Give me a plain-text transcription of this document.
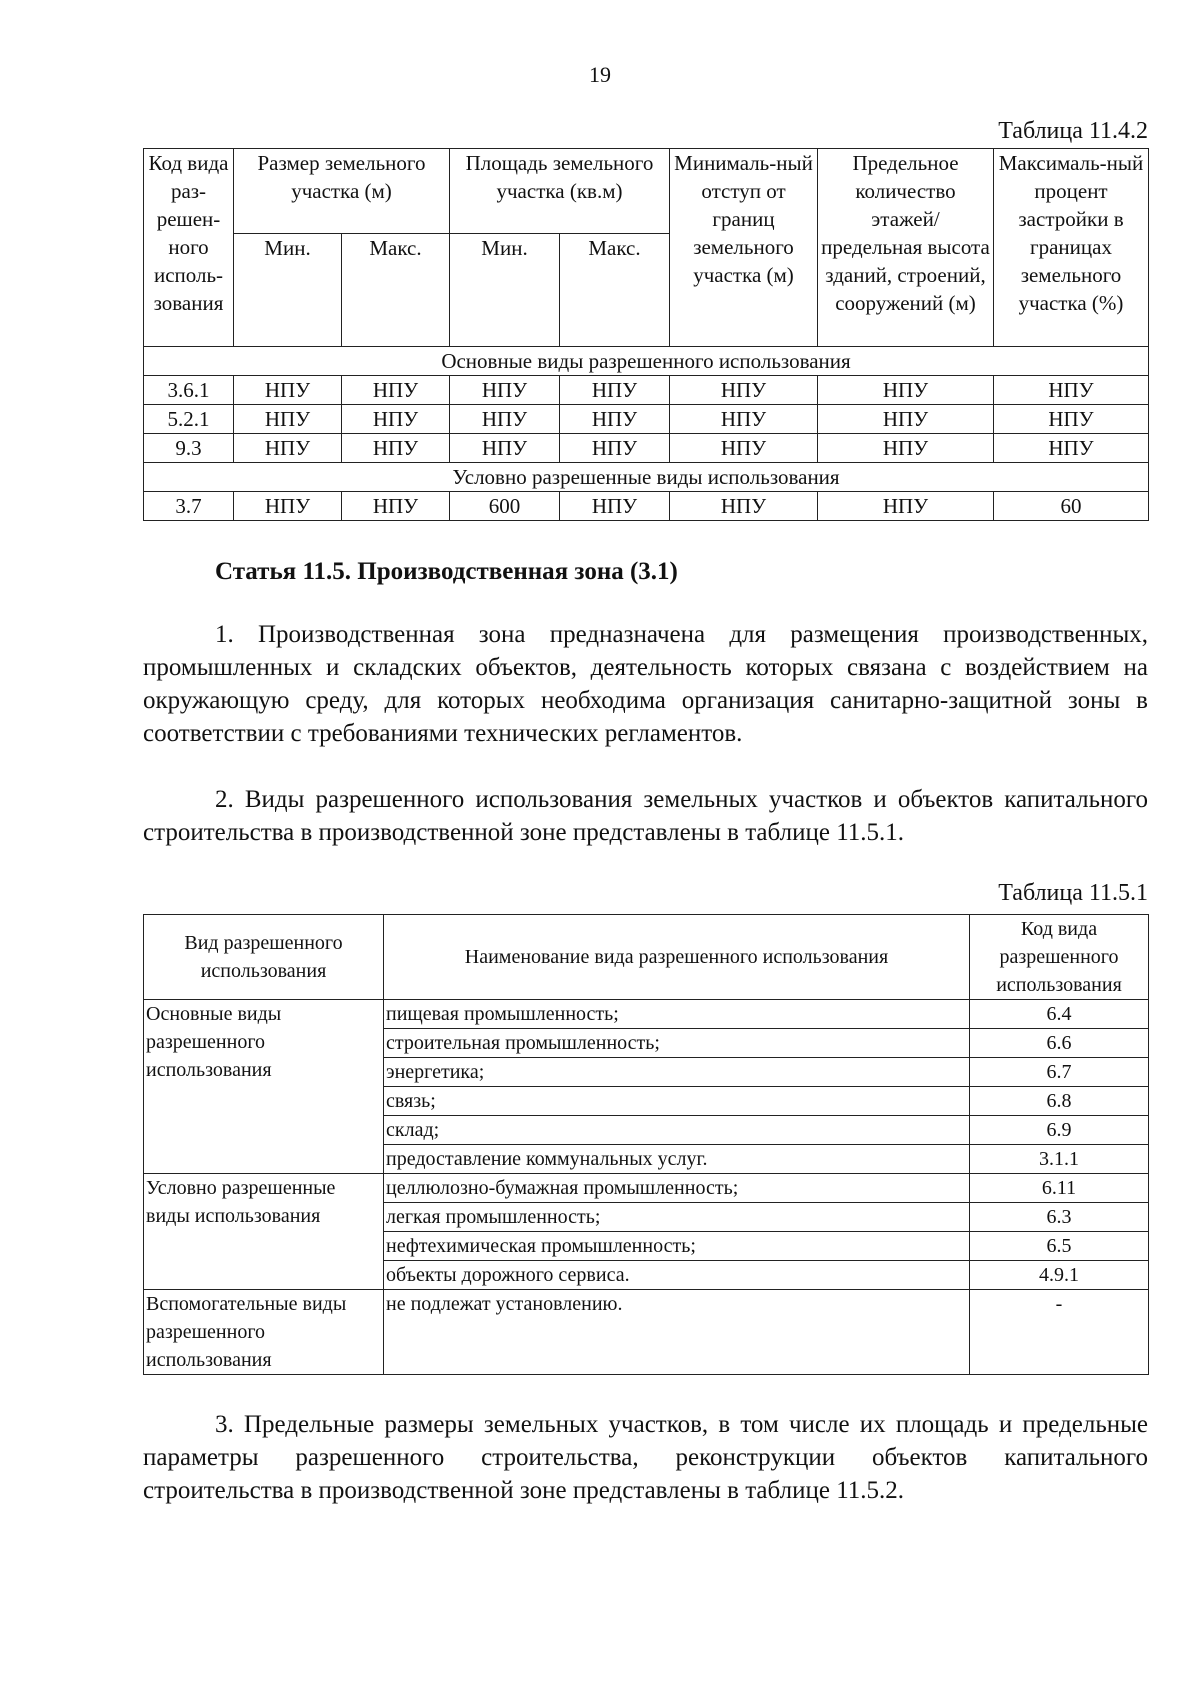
19
Таблица 11.4.2
Код вида раз-решен-ного исполь-зования	Размер земельного участка (м)		Площадь земельного участка (кв.м)		Минималь-ный отступ от границ земельного участка (м)	Предельное количество этажей/ предельная высота зданий, строений, сооружений (м)	Максималь-ный процент застройки в границах земельного участка (%)
	Мин.	Макс.	Мин.	Макс.			
Основные виды разрешенного использования							
3.6.1	НПУ	НПУ	НПУ	НПУ	НПУ	НПУ	НПУ
5.2.1	НПУ	НПУ	НПУ	НПУ	НПУ	НПУ	НПУ
9.3	НПУ	НПУ	НПУ	НПУ	НПУ	НПУ	НПУ
Условно разрешенные виды использования							
3.7	НПУ	НПУ	600	НПУ	НПУ	НПУ	60
Статья 11.5. Производственная зона (3.1)
1. Производственная зона предназначена для размещения производственных, промышленных и складских объектов, деятельность которых связана с воздействием на окружающую среду, для которых необходима организация санитарно-защитной зоны в соответствии с требованиями технических регламентов.
2. Виды разрешенного использования земельных участков и объектов капитального строительства в производственной зоне представлены в таблице 11.5.1.
Таблица 11.5.1
Вид разрешенного использования	Наименование вида разрешенного использования	Код вида разрешенного использования
Основные виды разрешенного использования	пищевая промышленность;	6.4
	строительная промышленность;	6.6
	энергетика;	6.7
	связь;	6.8
	склад;	6.9
	предоставление коммунальных услуг.	3.1.1
Условно разрешенные виды использования	целлюлозно-бумажная промышленность;	6.11
	легкая промышленность;	6.3
	нефтехимическая промышленность;	6.5
	объекты дорожного сервиса.	4.9.1
Вспомогательные виды разрешенного использования	не подлежат установлению.	-
3. Предельные размеры земельных участков, в том числе их площадь и предельные параметры разрешенного строительства, реконструкции объектов капитального строительства в производственной зоне представлены в таблице 11.5.2.
